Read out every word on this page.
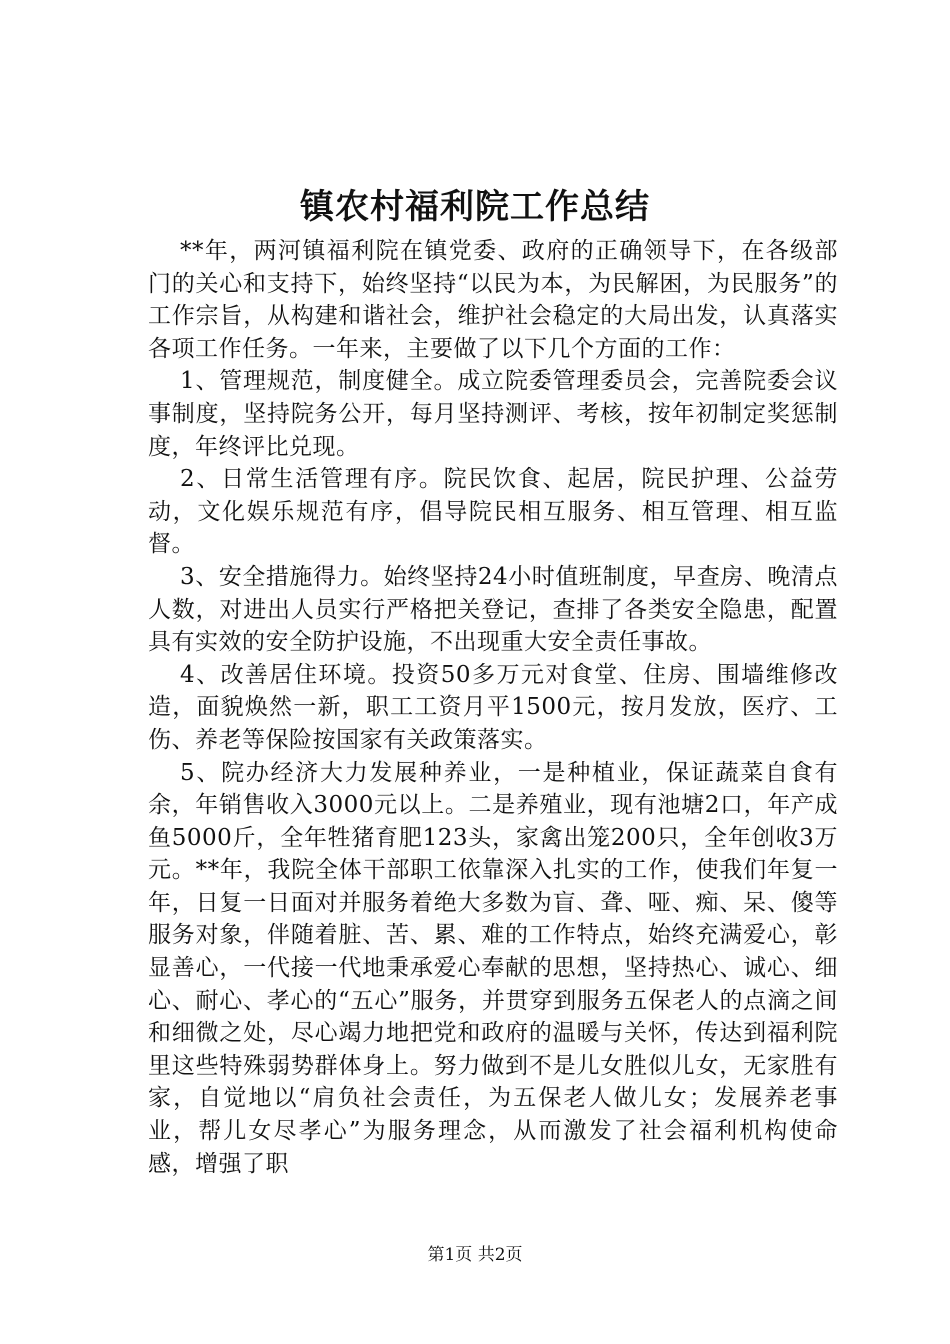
镇农村福利院工作总结

**年，两河镇福利院在镇党委、政府的正确领导下，在各级部门的关心和支持下，始终坚持“以民为本，为民解困，为民服务”的工作宗旨，从构建和谐社会，维护社会稳定的大局出发，认真落实各项工作任务。一年来，主要做了以下几个方面的工作：

1、管理规范，制度健全。成立院委管理委员会，完善院委会议事制度，坚持院务公开，每月坚持测评、考核，按年初制定奖惩制度，年终评比兑现。

2、日常生活管理有序。院民饮食、起居，院民护理、公益劳动，文化娱乐规范有序，倡导院民相互服务、相互管理、相互监督。

3、安全措施得力。始终坚持24小时值班制度，早查房、晚清点人数，对进出人员实行严格把关登记，查排了各类安全隐患，配置具有实效的安全防护设施，不出现重大安全责任事故。

4、改善居住环境。投资50多万元对食堂、住房、围墙维修改造，面貌焕然一新，职工工资月平1500元，按月发放，医疗、工伤、养老等保险按国家有关政策落实。

5、院办经济大力发展种养业，一是种植业，保证蔬菜自食有余，年销售收入3000元以上。二是养殖业，现有池塘2口，年产成鱼5000斤，全年牲猪育肥123头，家禽出笼200只，全年创收3万元。**年，我院全体干部职工依靠深入扎实的工作，使我们年复一年，日复一日面对并服务着绝大多数为盲、聋、哑、痴、呆、傻等服务对象，伴随着脏、苦、累、难的工作特点，始终充满爱心，彰显善心，一代接一代地秉承爱心奉献的思想，坚持热心、诚心、细心、耐心、孝心的“五心”服务，并贯穿到服务五保老人的点滴之间和细微之处，尽心竭力地把党和政府的温暖与关怀，传达到福利院里这些特殊弱势群体身上。努力做到不是儿女胜似儿女，无家胜有家，自觉地以“肩负社会责任，为五保老人做儿女；发展养老事业，帮儿女尽孝心”为服务理念，从而激发了社会福利机构使命感，增强了职

第1页 共2页
